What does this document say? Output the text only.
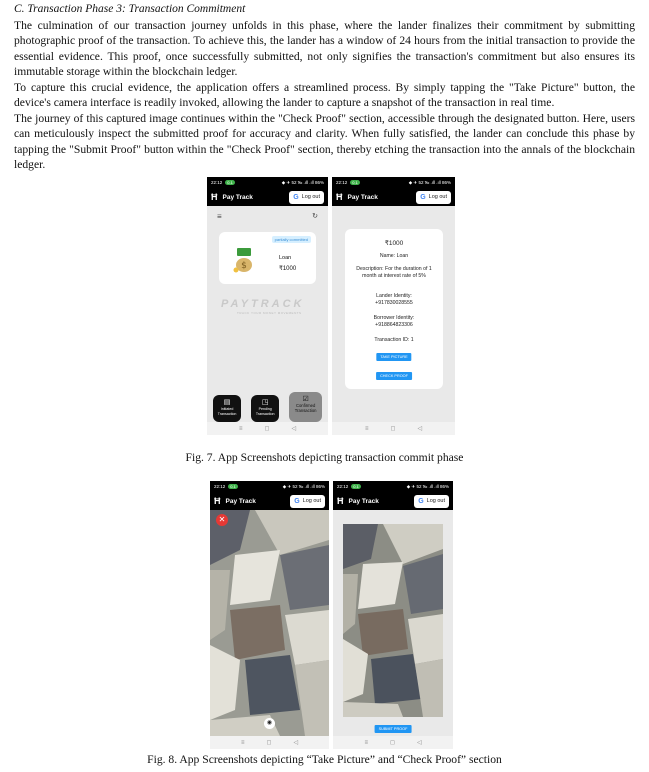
C. Transaction Phase 3: Transaction Commitment

The culmination of our transaction journey unfolds in this phase, where the lander finalizes their commitment by submitting photographic proof of the transaction. To achieve this, the lander has a window of 24 hours from the initial transaction to provide the essential evidence. This proof, once successfully submitted, not only signifies the transaction's commitment but also ensures its immutable storage within the blockchain ledger.

To capture this crucial evidence, the application offers a streamlined process. By simply tapping the "Take Picture" button, the device's camera interface is readily invoked, allowing the lander to capture a snapshot of the transaction in real time.

The journey of this captured image continues within the "Check Proof" section, accessible through the designated button. Here, users can meticulously inspect the submitted proof for accuracy and clarity. When fully satisfied, the lander can conclude this phase by tapping the "Submit Proof" button within the "Check Proof" section, thereby etching the transaction into the annals of the blockchain ledger.

22:12	0.1	◆ ✈ 52 ‰ .ıll .ıll 86%
Ħ Pay Track	G Log out
≡	↻
partially committed
$
Loan
₹1000
PAYTRACK
TRACK YOUR MONEY MOVEMENTS
▤
Initiated Transaction
◳
Pending Transaction
☑
Confirmed Transaction
≡	◻	◁
22:12	0.1	◆ ✈ 52 ‰ .ıll .ıll 86%
Ħ Pay Track	G Log out
₹1000
Name: Loan
Description: For the duration of 1 month at interest rate of 5%
Lander Identity:
+917830028555
Borrower Identity:
+918864823306
Transaction ID: 1
TAKE PICTURE
CHECK PROOF
≡	◻	◁
Fig. 7. App Screenshots depicting transaction commit phase
22:12	0.1	◆ ✈ 52 ‰ .ıll .ıll 86%
Ħ Pay Track	G Log out
✕
◉
≡	◻	◁
22:12	0.1	◆ ✈ 52 ‰ .ıll .ıll 86%
Ħ Pay Track	G Log out
SUBMIT PROOF
≡	◻	◁
Fig. 8. App Screenshots depicting “Take Picture” and “Check Proof” section
